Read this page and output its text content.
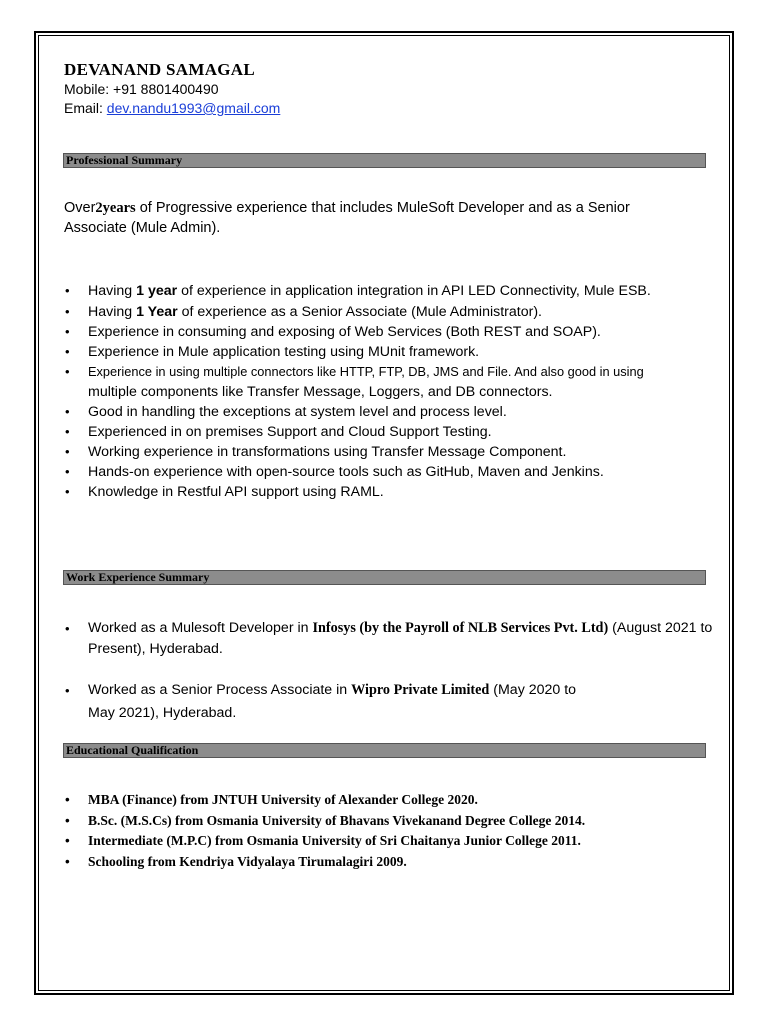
DEVANAND SAMAGAL
Mobile: +91 8801400490
Email: dev.nandu1993@gmail.com
Professional Summary
Over2years of Progressive experience that includes MuleSoft Developer and as a Senior Associate (Mule Admin).
• Having 1 year of experience in application integration in API LED Connectivity, Mule ESB.
• Having 1 Year of experience as a Senior Associate (Mule Administrator).
• Experience in consuming and exposing of Web Services (Both REST and SOAP).
• Experience in Mule application testing using MUnit framework.
• Experience in using multiple connectors like HTTP, FTP, DB, JMS and File. And also good in using
multiple components like Transfer Message, Loggers, and DB connectors.
• Good in handling the exceptions at system level and process level.
• Experienced in on premises Support and Cloud Support Testing.
• Working experience in transformations using Transfer Message Component.
• Hands-on experience with open-source tools such as GitHub, Maven and Jenkins.
• Knowledge in Restful API support using RAML.
Work Experience Summary
• Worked as a Mulesoft Developer in Infosys (by the Payroll of NLB Services Pvt. Ltd) (August 2021 to Present), Hyderabad.
• Worked as a Senior Process Associate in Wipro Private Limited (May 2020 to
May 2021), Hyderabad.
Educational Qualification
• MBA (Finance) from JNTUH University of Alexander College 2020.
• B.Sc. (M.S.Cs) from Osmania University of Bhavans Vivekanand Degree College 2014.
• Intermediate (M.P.C) from Osmania University of Sri Chaitanya Junior College 2011.
• Schooling from Kendriya Vidyalaya Tirumalagiri 2009.
